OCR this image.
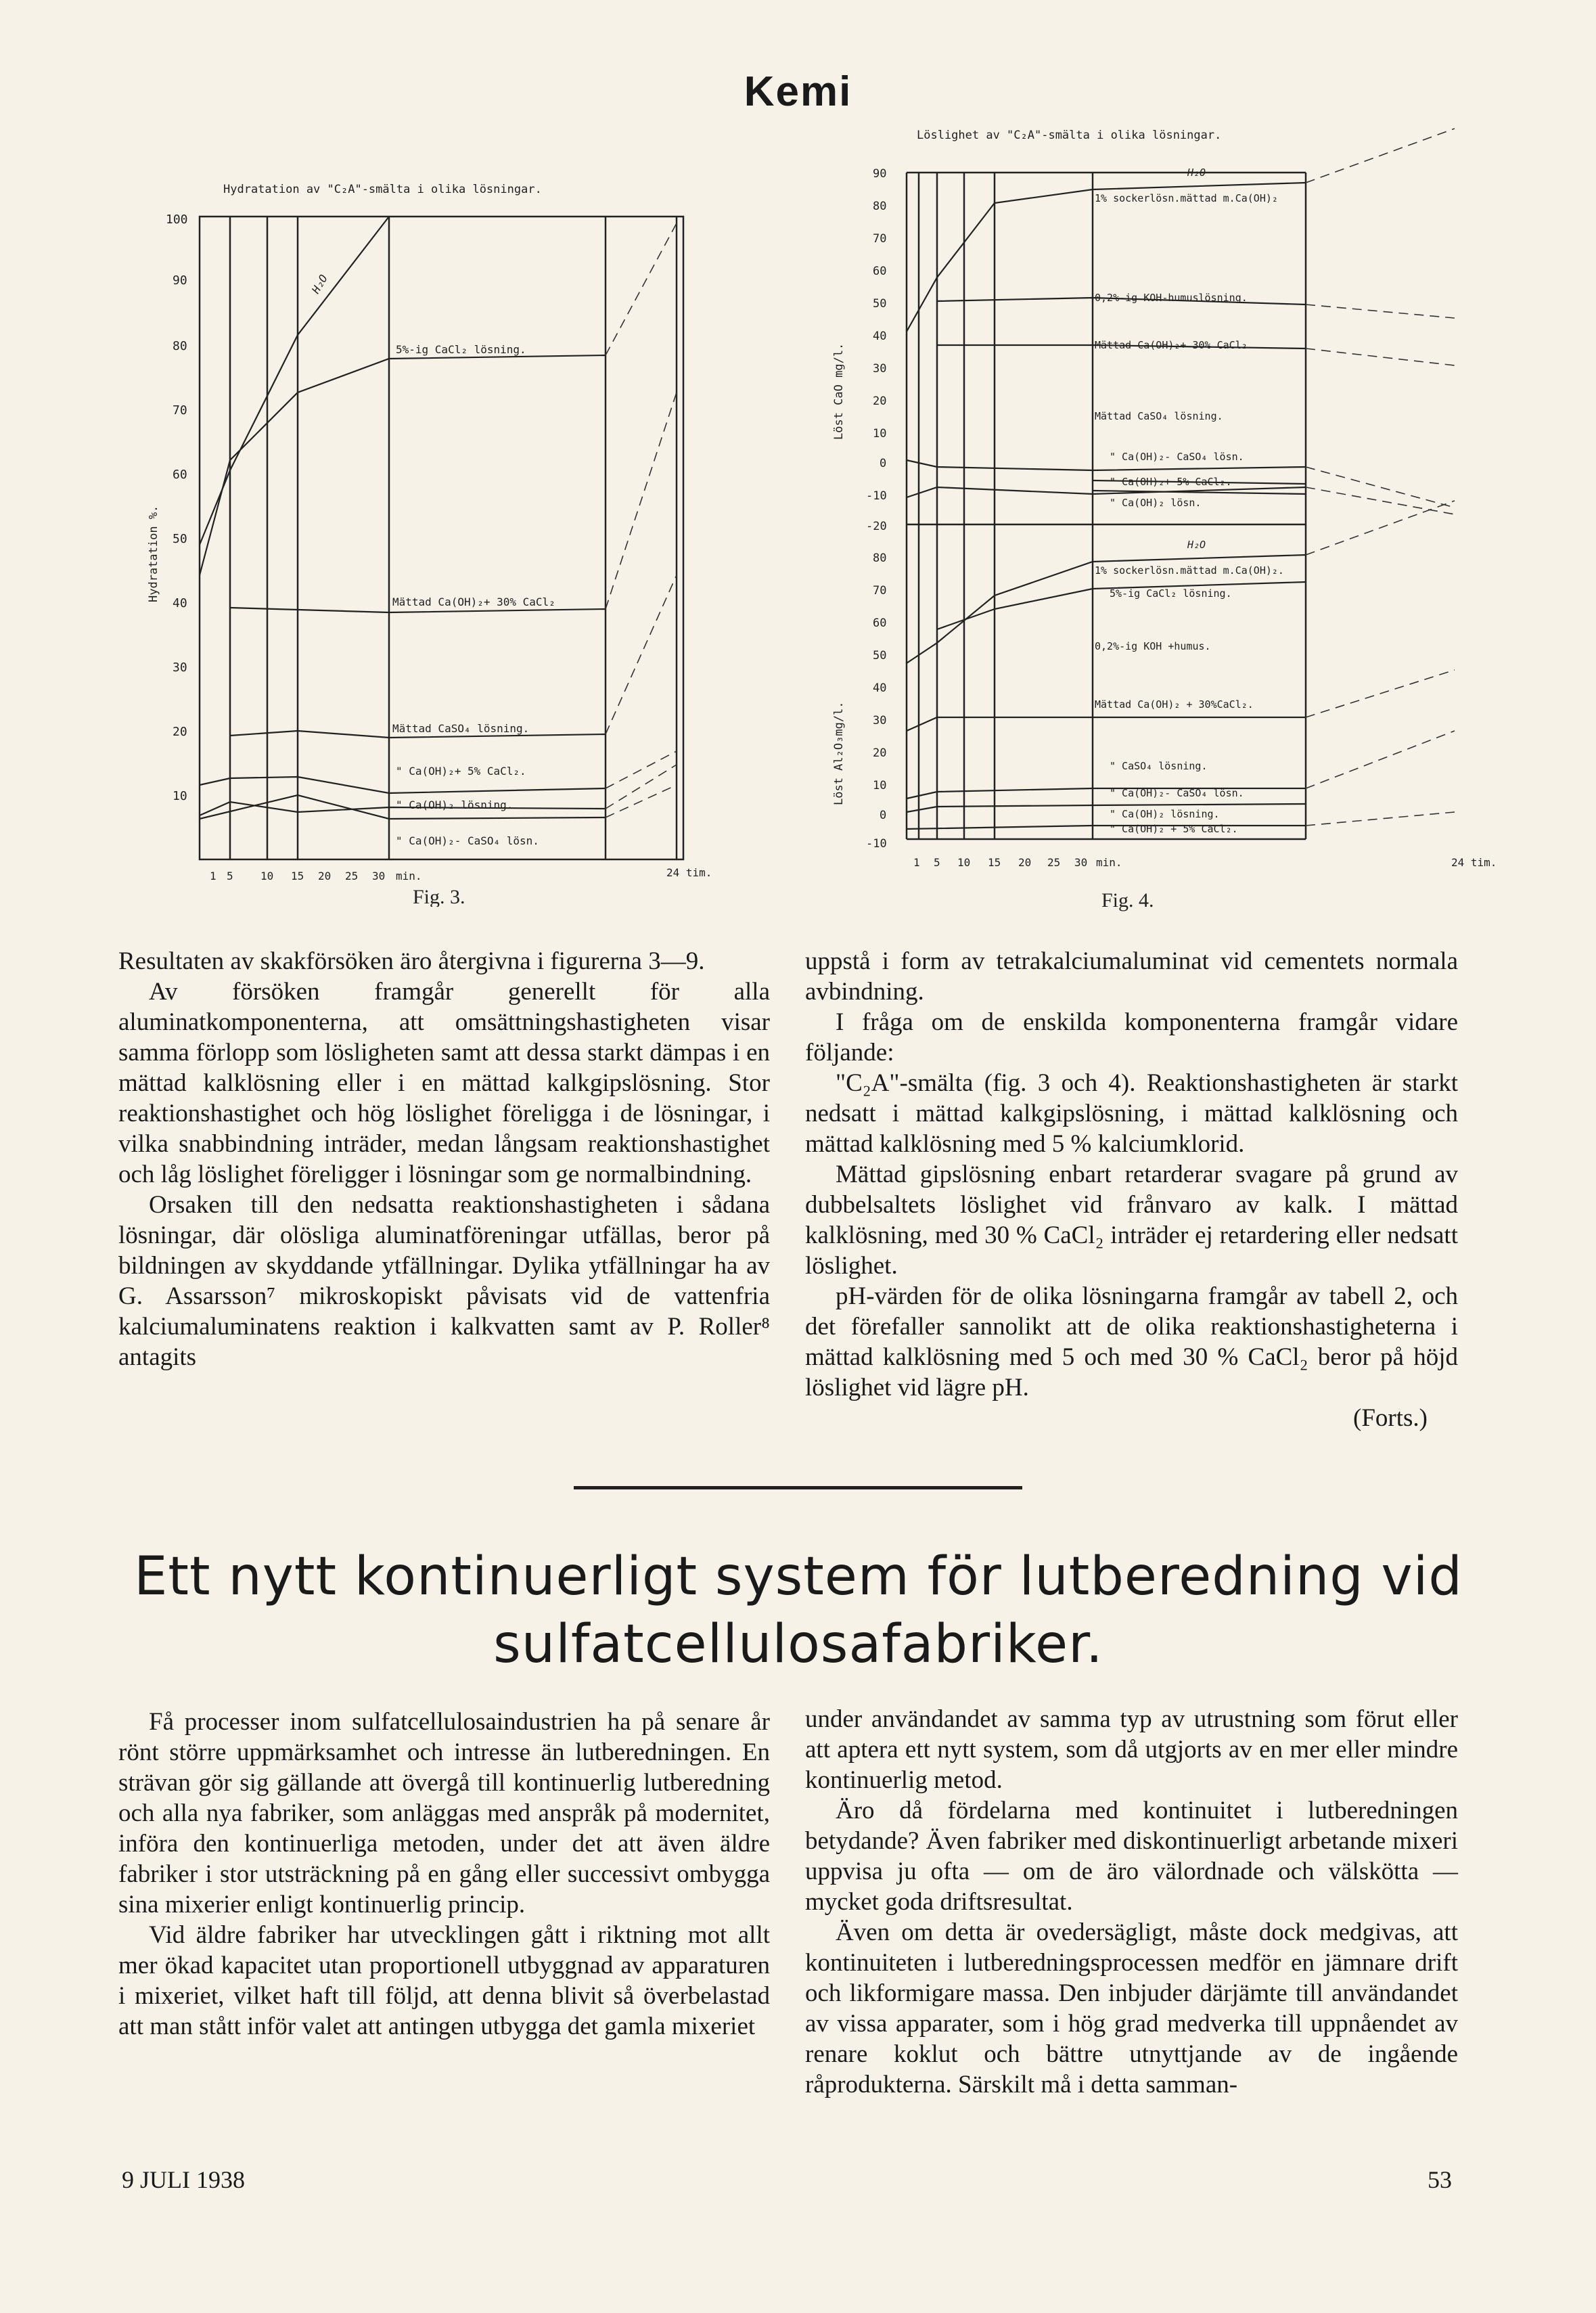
Kemi
Hydratation av "C₂A"-smälta i olika lösningar.
Hydratation %.
100
90
80
70
60
50
40
30
20
10
H₂O
5%-ig CaCl₂ lösning.
Mättad Ca(OH)₂+ 30% CaCl₂
Mättad CaSO₄ lösning.
" Ca(OH)₂+ 5% CaCl₂.
" Ca(OH)₂ lösning.
" Ca(OH)₂- CaSO₄ lösn.
1 5	10 15 20 25 30 min.	24 tim.
Fig. 3.
Löslighet av "C₂A"-smälta i olika lösningar.
Löst CaO mg/l.
Löst Al₂O₃mg/l.
90
80
70
60
50
40
30
20
10
0
-10
-20
80
70
60
50
40
30
20
10
0
-10
H₂O
1% sockerlösn.mättad m.Ca(OH)₂
0,2%-ig KOH-humuslösning.
Mättad Ca(OH)₂+ 30% CaCl₂
Mättad CaSO₄ lösning.
" Ca(OH)₂- CaSO₄ lösn.
" Ca(OH)₂+ 5% CaCl₂.
" Ca(OH)₂ lösn.
H₂O
1% sockerlösn.mättad m.Ca(OH)₂.
5%-ig CaCl₂ lösning.
0,2%-ig KOH +humus.
Mättad Ca(OH)₂ + 30%CaCl₂.
" CaSO₄ lösning.
" Ca(OH)₂- CaSO₄ lösn.
" Ca(OH)₂ lösning.
" Ca(OH)₂ + 5% CaCl₂.
1 5 10 15 20 25 30 min.	24 tim.
Fig. 4.

Resultaten av skakförsöken äro återgivna i figurerna 3—9.

Av försöken framgår generellt för alla aluminatkomponenterna, att omsättningshastigheten visar samma förlopp som lösligheten samt att dessa starkt dämpas i en mättad kalklösning eller i en mättad kalkgipslösning. Stor reaktionshastighet och hög löslighet föreligga i de lösningar, i vilka snabbindning inträder, medan långsam reaktionshastighet och låg löslighet föreligger i lösningar som ge normalbindning.

Orsaken till den nedsatta reaktionshastigheten i sådana lösningar, där olösliga aluminatföreningar utfällas, beror på bildningen av skyddande ytfällningar. Dylika ytfällningar ha av G. Assarsson⁷ mikroskopiskt påvisats vid de vattenfria kalciumaluminatens reaktion i kalkvatten samt av P. Roller⁸ antagits

uppstå i form av tetrakalciumaluminat vid cementets normala avbindning.

I fråga om de enskilda komponenterna framgår vidare följande:

"C₂A"-smälta (fig. 3 och 4). Reaktionshastigheten är starkt nedsatt i mättad kalkgipslösning, i mättad kalklösning och mättad kalklösning med 5 % kalciumklorid.

Mättad gipslösning enbart retarderar svagare på grund av dubbelsaltets löslighet vid frånvaro av kalk. I mättad kalklösning, med 30 % CaCl₂ inträder ej retardering eller nedsatt löslighet.

pH-värden för de olika lösningarna framgår av tabell 2, och det förefaller sannolikt att de olika reaktionshastigheterna i mättad kalklösning med 5 och med 30 % CaCl₂ beror på höjd löslighet vid lägre pH.

(Forts.)
Ett nytt kontinuerligt system för lutberedning vid
sulfatcellulosafabriker.

Få processer inom sulfatcellulosaindustrien ha på senare år rönt större uppmärksamhet och intresse än lutberedningen. En strävan gör sig gällande att övergå till kontinuerlig lutberedning och alla nya fabriker, som anläggas med anspråk på modernitet, införa den kontinuerliga metoden, under det att även äldre fabriker i stor utsträckning på en gång eller successivt ombygga sina mixerier enligt kontinuerlig princip.

Vid äldre fabriker har utvecklingen gått i riktning mot allt mer ökad kapacitet utan proportionell utbyggnad av apparaturen i mixeriet, vilket haft till följd, att denna blivit så överbelastad att man stått inför valet att antingen utbygga det gamla mixeriet

under användandet av samma typ av utrustning som förut eller att aptera ett nytt system, som då utgjorts av en mer eller mindre kontinuerlig metod.

Äro då fördelarna med kontinuitet i lutberedningen betydande? Även fabriker med diskontinuerligt arbetande mixeri uppvisa ju ofta — om de äro välordnade och välskötta — mycket goda driftsresultat.

Även om detta är ovedersägligt, måste dock medgivas, att kontinuiteten i lutberedningsprocessen medför en jämnare drift och likformigare massa. Den inbjuder därjämte till användandet av vissa apparater, som i hög grad medverka till uppnåendet av renare koklut och bättre utnyttjande av de ingående råprodukterna. Särskilt må i detta samman-

9 JULI 1938	53
